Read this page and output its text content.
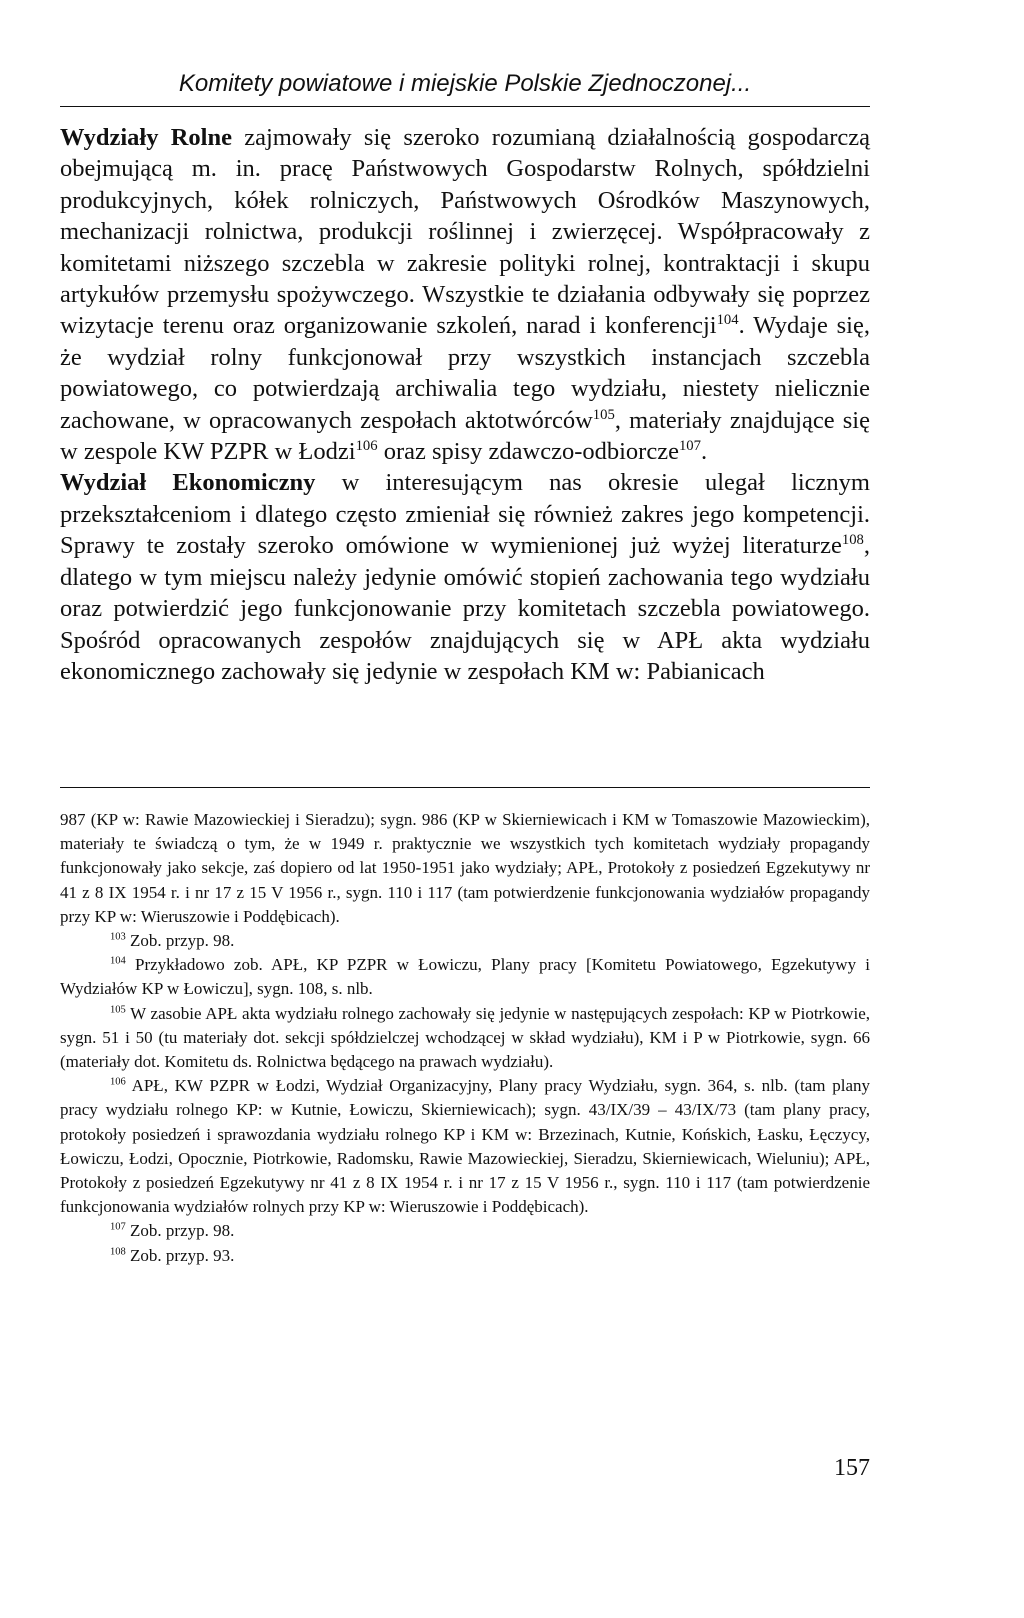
Komitety powiatowe i miejskie Polskie Zjednoczonej...

Wydziały Rolne zajmowały się szeroko rozumianą działalnością gospodarczą obejmującą m. in. pracę Państwowych Gospodarstw Rolnych, spółdzielni produkcyjnych, kółek rolniczych, Państwowych Ośrodków Maszynowych, mechanizacji rolnictwa, produkcji roślinnej i zwierzęcej. Współpracowały z komitetami niższego szczebla w zakresie polityki rolnej, kontraktacji i skupu artykułów przemysłu spożywczego. Wszystkie te działania odbywały się poprzez wizytacje terenu oraz organizowanie szkoleń, narad i konferencji$^{104}$. Wydaje się, że wydział rolny funkcjonował przy wszystkich instancjach szczebla powiatowego, co potwierdzają archiwalia tego wydziału, niestety nielicznie zachowane, w opracowanych zespołach aktotwórców$^{105}$, materiały znajdujące się w zespole KW PZPR w Łodzi$^{106}$ oraz spisy zdawczo-odbiorcze$^{107}$.

Wydział Ekonomiczny w interesującym nas okresie ulegał licznym przekształceniom i dlatego często zmieniał się również zakres jego kompetencji. Sprawy te zostały szeroko omówione w wymienionej już wyżej literaturze$^{108}$, dlatego w tym miejscu należy jedynie omówić stopień zachowania tego wydziału oraz potwierdzić jego funkcjonowanie przy komitetach szczebla powiatowego. Spośród opracowanych zespołów znajdujących się w APŁ akta wydziału ekonomicznego zachowały się jedynie w zespołach KM w: Pabianicach

987 (KP w: Rawie Mazowieckiej i Sieradzu); sygn. 986 (KP w Skierniewicach i KM w Tomaszowie Mazowieckim), materiały te świadczą o tym, że w 1949 r. praktycznie we wszystkich tych komitetach wydziały propagandy funkcjonowały jako sekcje, zaś dopiero od lat 1950-1951 jako wydziały; APŁ, Protokoły z posiedzeń Egzekutywy nr 41 z 8 IX 1954 r. i nr 17 z 15 V 1956 r., sygn. 110 i 117 (tam potwierdzenie funkcjonowania wydziałów propagandy przy KP w: Wieruszowie i Poddębicach).

$^{103}$ Zob. przyp. 98.

$^{104}$ Przykładowo zob. APŁ, KP PZPR w Łowiczu, Plany pracy [Komitetu Powiatowego, Egzekutywy i Wydziałów KP w Łowiczu], sygn. 108, s. nlb.

$^{105}$ W zasobie APŁ akta wydziału rolnego zachowały się jedynie w następujących zespołach: KP w Piotrkowie, sygn. 51 i 50 (tu materiały dot. sekcji spółdzielczej wchodzącej w skład wydziału), KM i P w Piotrkowie, sygn. 66 (materiały dot. Komitetu ds. Rolnictwa będącego na prawach wydziału).

$^{106}$ APŁ, KW PZPR w Łodzi, Wydział Organizacyjny, Plany pracy Wydziału, sygn. 364, s. nlb. (tam plany pracy wydziału rolnego KP: w Kutnie, Łowiczu, Skierniewicach); sygn. 43/IX/39 – 43/IX/73 (tam plany pracy, protokoły posiedzeń i sprawozdania wydziału rolnego KP i KM w: Brzezinach, Kutnie, Końskich, Łasku, Łęczycy, Łowiczu, Łodzi, Opocznie, Piotrkowie, Radomsku, Rawie Mazowieckiej, Sieradzu, Skierniewicach, Wieluniu); APŁ, Protokoły z posiedzeń Egzekutywy nr 41 z 8 IX 1954 r. i nr 17 z 15 V 1956 r., sygn. 110 i 117 (tam potwierdzenie funkcjonowania wydziałów rolnych przy KP w: Wieruszowie i Poddębicach).

$^{107}$ Zob. przyp. 98.

$^{108}$ Zob. przyp. 93.

157
